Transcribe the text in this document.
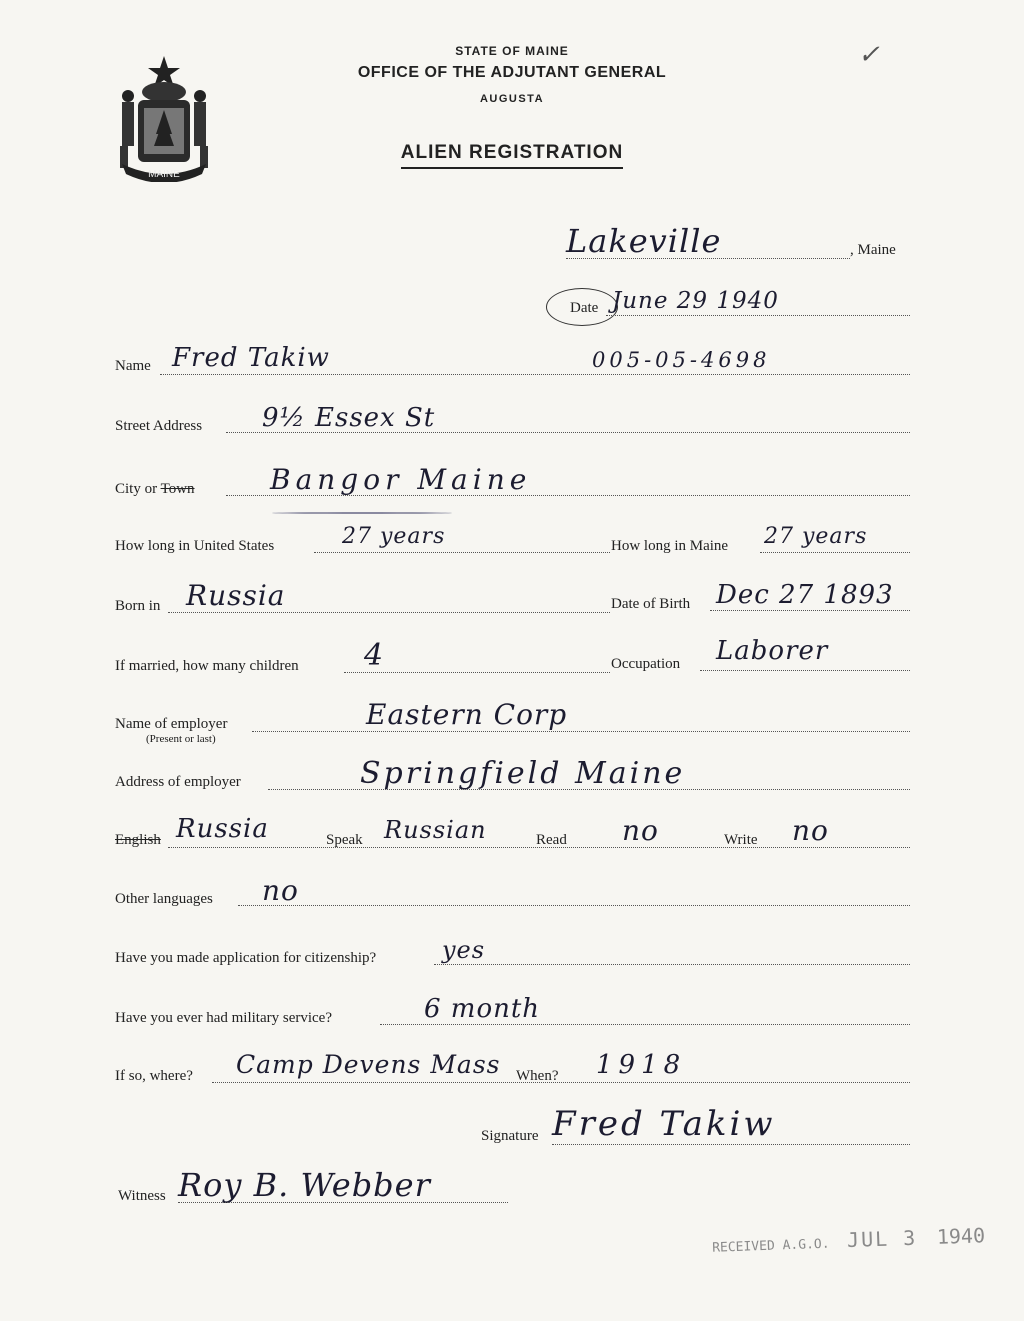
MAINE
STATE OF MAINE
OFFICE OF THE ADJUTANT GENERAL
AUGUSTA
ALIEN REGISTRATION
✓
Lakeville	, Maine
Date June 29 1940
Name Fred Takiw	005-05-4698
Street Address 9½ Essex St
City or Town	Bangor Maine
How long in United States	27 years	How long in Maine 27 years
Born in Russia	Date of Birth Dec 27 1893
If married, how many children 4	Occupation Laborer
Name of employer
(Present or last)
Eastern Corp
Address of employer	Springfield Maine
English Russia	Speak Russian	Read no	Write no
Other languages no
Have you made application for citizenship?	yes
Have you ever had military service?	6 month
If so, where? Camp Devens Mass When? 1918
Signature Fred Takiw
Witness Roy B. Webber
RECEIVED A.G.O. JUL 3 1940
